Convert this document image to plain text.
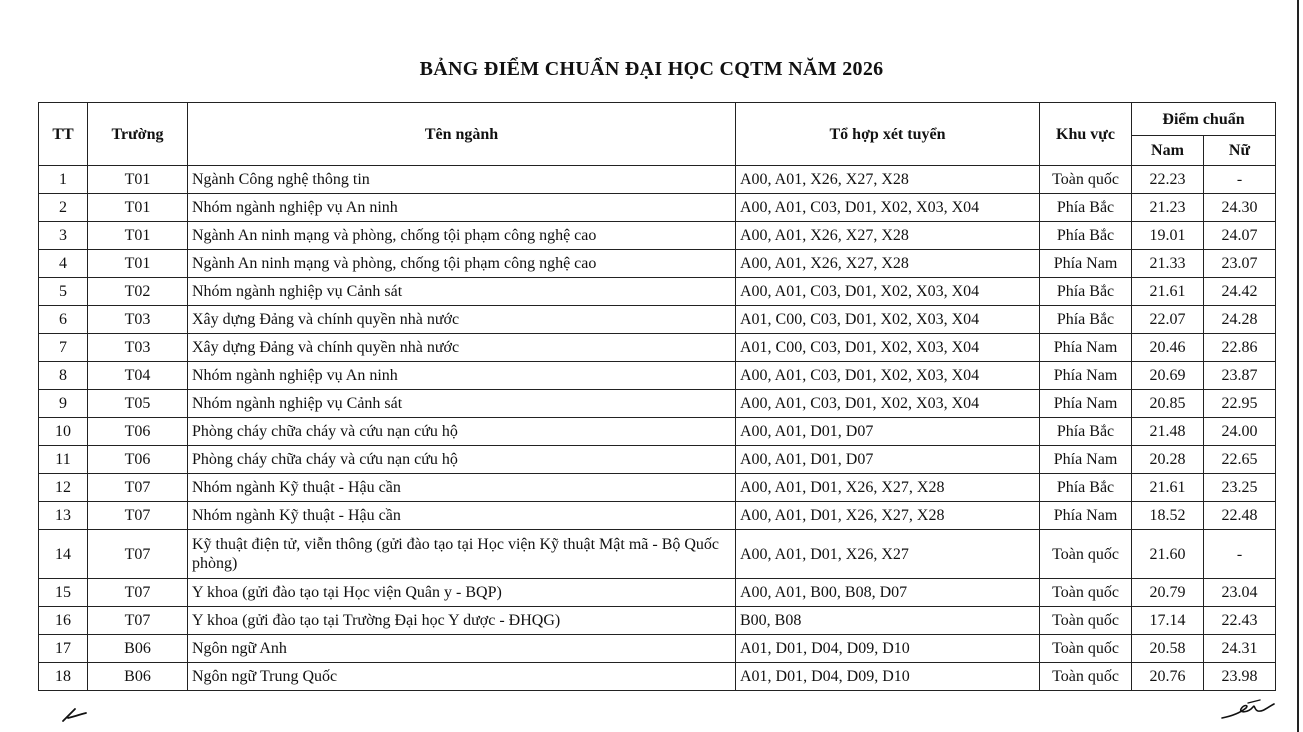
BẢNG ĐIỂM CHUẨN ĐẠI HỌC CQTM NĂM 2026
TT	Trường	Tên ngành	Tổ hợp xét tuyển	Khu vực	Điểm chuẩn	
					Nam	Nữ
1	T01	Ngành Công nghệ thông tin	A00, A01, X26, X27, X28	Toàn quốc	22.23	-
2	T01	Nhóm ngành nghiệp vụ An ninh	A00, A01, C03, D01, X02, X03, X04	Phía Bắc	21.23	24.30
3	T01	Ngành An ninh mạng và phòng, chống tội phạm công nghệ cao	A00, A01, X26, X27, X28	Phía Bắc	19.01	24.07
4	T01	Ngành An ninh mạng và phòng, chống tội phạm công nghệ cao	A00, A01, X26, X27, X28	Phía Nam	21.33	23.07
5	T02	Nhóm ngành nghiệp vụ Cảnh sát	A00, A01, C03, D01, X02, X03, X04	Phía Bắc	21.61	24.42
6	T03	Xây dựng Đảng và chính quyền nhà nước	A01, C00, C03, D01, X02, X03, X04	Phía Bắc	22.07	24.28
7	T03	Xây dựng Đảng và chính quyền nhà nước	A01, C00, C03, D01, X02, X03, X04	Phía Nam	20.46	22.86
8	T04	Nhóm ngành nghiệp vụ An ninh	A00, A01, C03, D01, X02, X03, X04	Phía Nam	20.69	23.87
9	T05	Nhóm ngành nghiệp vụ Cảnh sát	A00, A01, C03, D01, X02, X03, X04	Phía Nam	20.85	22.95
10	T06	Phòng cháy chữa cháy và cứu nạn cứu hộ	A00, A01, D01, D07	Phía Bắc	21.48	24.00
11	T06	Phòng cháy chữa cháy và cứu nạn cứu hộ	A00, A01, D01, D07	Phía Nam	20.28	22.65
12	T07	Nhóm ngành Kỹ thuật - Hậu cần	A00, A01, D01, X26, X27, X28	Phía Bắc	21.61	23.25
13	T07	Nhóm ngành Kỹ thuật - Hậu cần	A00, A01, D01, X26, X27, X28	Phía Nam	18.52	22.48
14	T07	Kỹ thuật điện tử, viễn thông (gửi đào tạo tại Học viện Kỹ thuật Mật mã - Bộ Quốc phòng)	A00, A01, D01, X26, X27	Toàn quốc	21.60	-
15	T07	Y khoa (gửi đào tạo tại Học viện Quân y - BQP)	A00, A01, B00, B08, D07	Toàn quốc	20.79	23.04
16	T07	Y khoa (gửi đào tạo tại Trường Đại học Y dược - ĐHQG)	B00, B08	Toàn quốc	17.14	22.43
17	B06	Ngôn ngữ Anh	A01, D01, D04, D09, D10	Toàn quốc	20.58	24.31
18	B06	Ngôn ngữ Trung Quốc	A01, D01, D04, D09, D10	Toàn quốc	20.76	23.98
